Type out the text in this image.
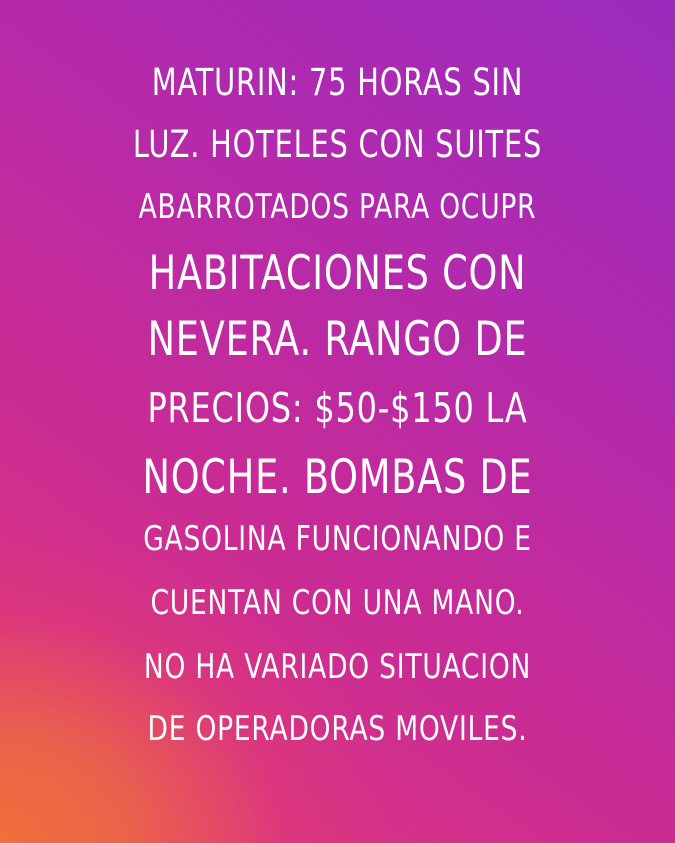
MATURIN: 75 HORAS SIN
LUZ. HOTELES CON SUITES
ABARROTADOS PARA OCUPR
HABITACIONES CON
NEVERA. RANGO DE
PRECIOS: $50-$150 LA
NOCHE. BOMBAS DE
GASOLINA FUNCIONANDO E
CUENTAN CON UNA MANO.
NO HA VARIADO SITUACION
DE OPERADORAS MOVILES.
